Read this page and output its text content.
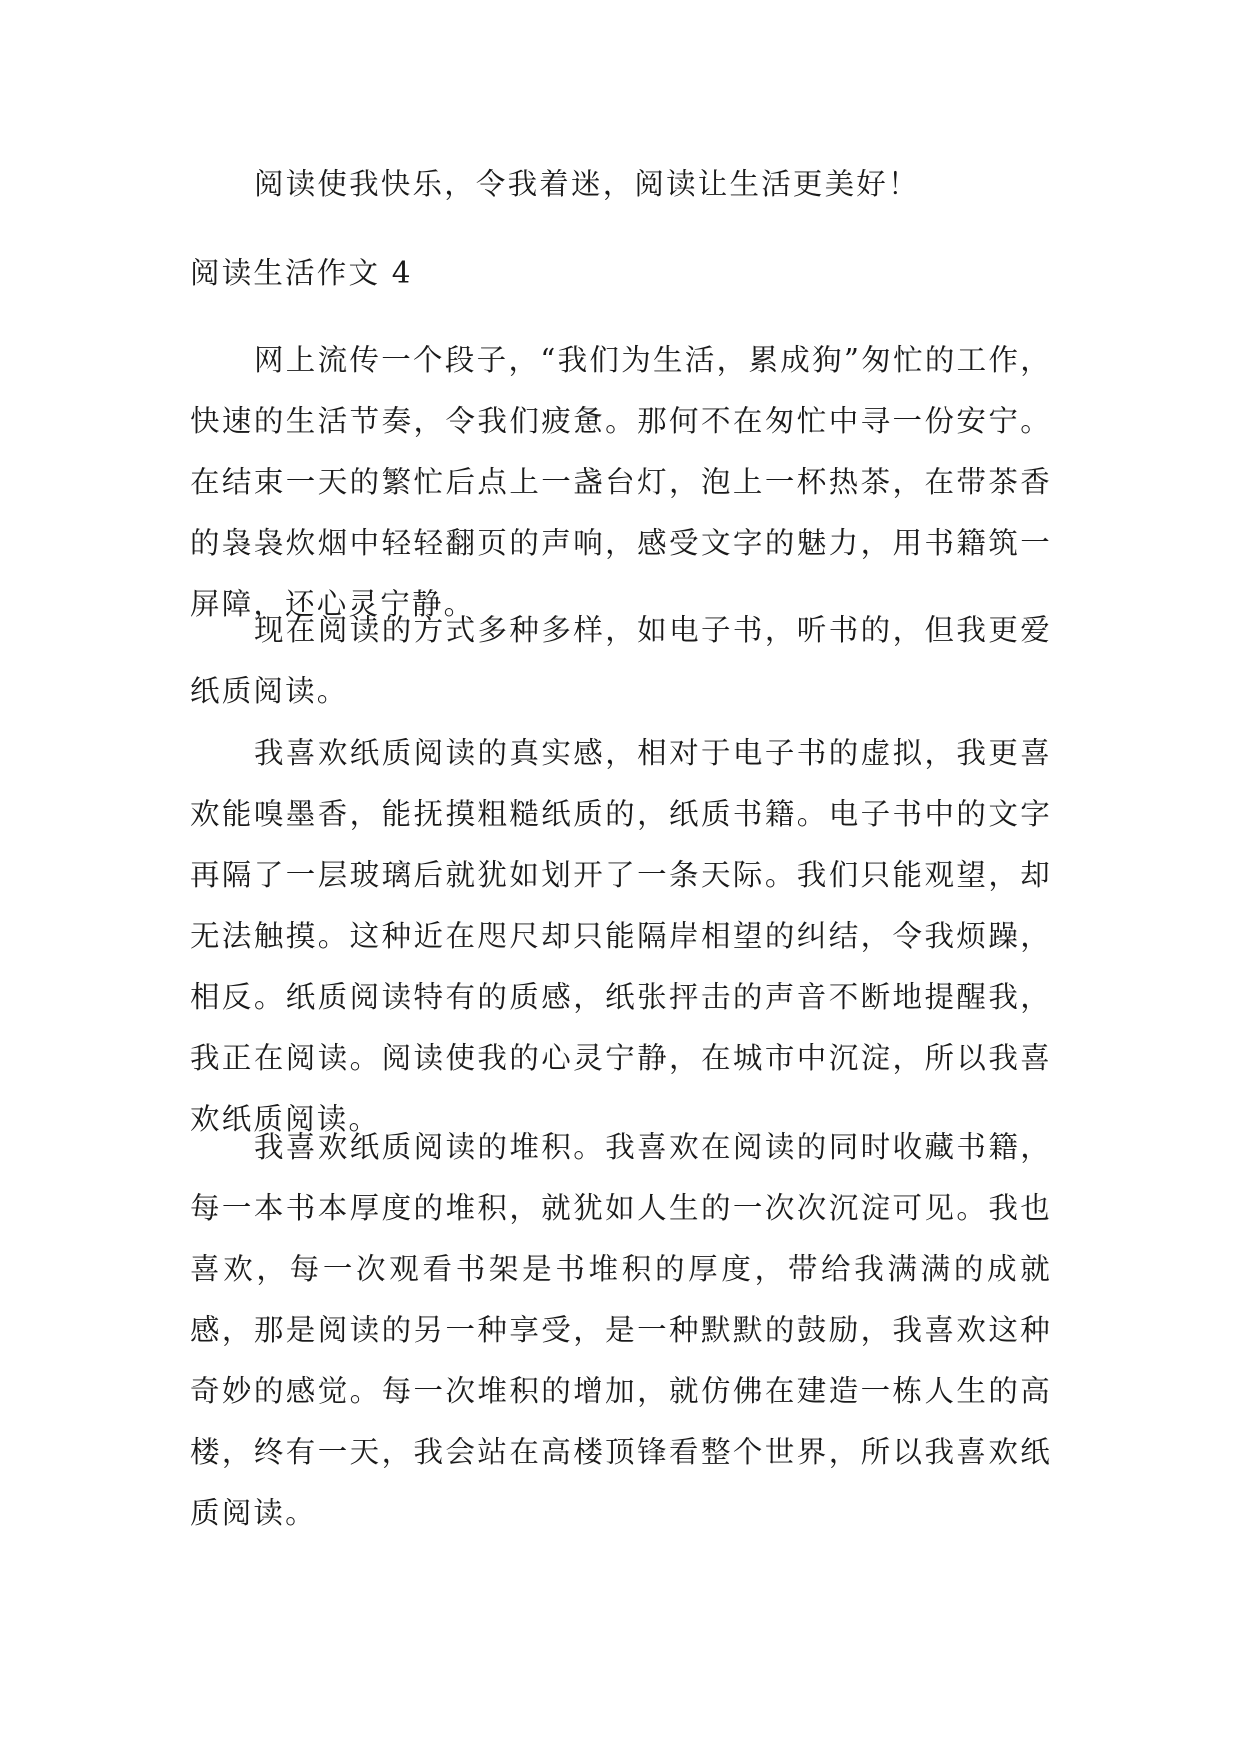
阅读使我快乐，令我着迷，阅读让生活更美好！

阅读生活作文 4

网上流传一个段子，“我们为生活，累成狗”匆忙的工作，快速的生活节奏，令我们疲惫。那何不在匆忙中寻一份安宁。在结束一天的繁忙后点上一盏台灯，泡上一杯热茶，在带茶香的袅袅炊烟中轻轻翻页的声响，感受文字的魅力，用书籍筑一屏障，还心灵宁静。

现在阅读的方式多种多样，如电子书，听书的，但我更爱纸质阅读。

我喜欢纸质阅读的真实感，相对于电子书的虚拟，我更喜欢能嗅墨香，能抚摸粗糙纸质的，纸质书籍。电子书中的文字再隔了一层玻璃后就犹如划开了一条天际。我们只能观望，却无法触摸。这种近在咫尺却只能隔岸相望的纠结，令我烦躁，相反。纸质阅读特有的质感，纸张抨击的声音不断地提醒我，我正在阅读。阅读使我的心灵宁静，在城市中沉淀，所以我喜欢纸质阅读。

我喜欢纸质阅读的堆积。我喜欢在阅读的同时收藏书籍，每一本书本厚度的堆积，就犹如人生的一次次沉淀可见。我也喜欢，每一次观看书架是书堆积的厚度，带给我满满的成就感，那是阅读的另一种享受，是一种默默的鼓励，我喜欢这种奇妙的感觉。每一次堆积的增加，就仿佛在建造一栋人生的高楼，终有一天，我会站在高楼顶锋看整个世界，所以我喜欢纸质阅读。
